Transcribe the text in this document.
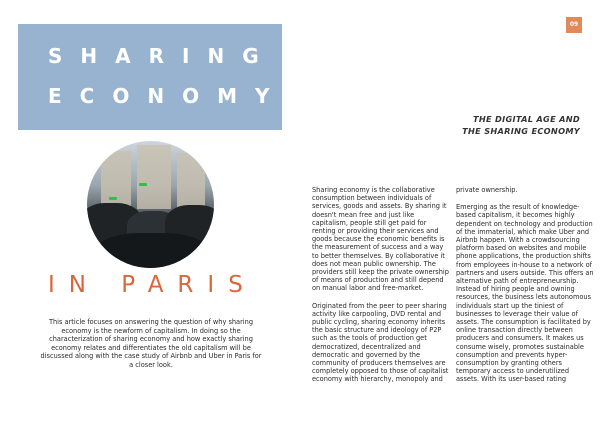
09
SHARING
ECONOMY
THE DIGITAL AGE AND
THE SHARING ECONOMY
IN PARIS
This article focuses on answering the question of why sharing economy is the newform of capitalism. In doing so the characterization of sharing economy and how exactly sharing economy relates and differentiates the old capitalism will be discussed along with the case study of Airbnb and Uber in Paris for a closer look.

Sharing economy is the collaborative consumption between individuals of services, goods and assets. By sharing it doesn't mean free and just like capitalism, people still get paid for renting or providing their services and goods because the economic benefits is the measurement of success and a way to better themselves. By collaborative it does not mean public ownership. The providers still keep the private ownership of means of production and still depend on manual labor and free-market.

Originated from the peer to peer sharing activity like carpooling, DVD rental and public cycling, sharing economy inherits the basic structure and ideology of P2P such as the tools of production get democratized, decentralized and democratic and governed by the community of producers themselves are completely opposed to those of capitalist economy with hierarchy, monopoly and

private ownership.

Emerging as the result of knowledge-based capitalism, it becomes highly dependent on technology and production of the immaterial, which make Uber and Airbnb happen. With a crowdsourcing platform based on websites and mobile phone applications, the production shifts from employees in-house to a network of partners and users outside. This offers an alternative path of entrepreneurship. Instead of hiring people and owning resources, the business lets autonomous individuals start up the tiniest of businesses to leverage their value of assets. The consumption is facilitated by online transaction directly between producers and consumers. It makes us consume wisely, promotes sustainable consumption and prevents hyper-consumption by granting others temporary access to underutilized assets. With its user-based rating
